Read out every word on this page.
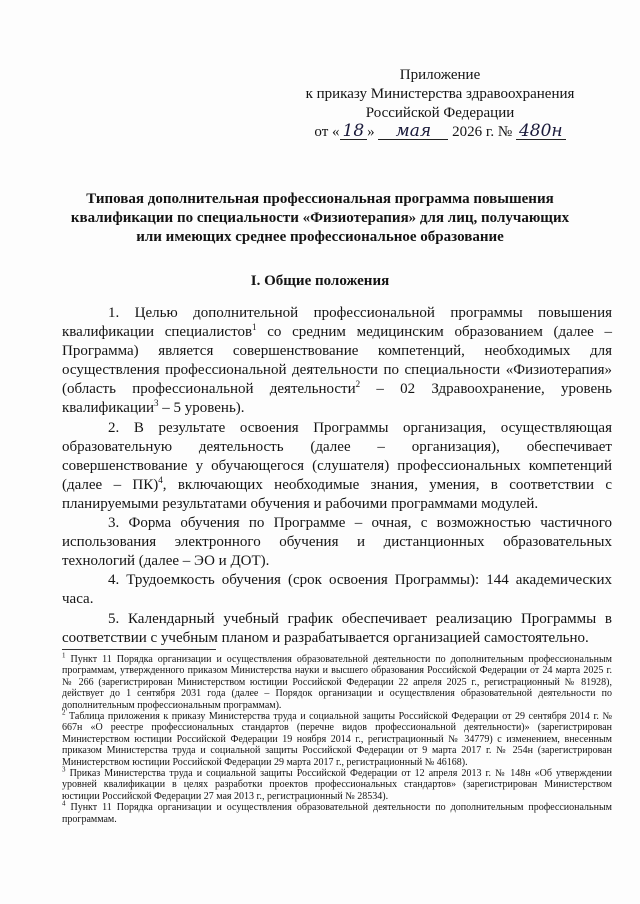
Приложение
к приказу Министерства здравоохранения
Российской Федерации
от « 18 » мая 2026 г. № 480н
Типовая дополнительная профессиональная программа повышения
квалификации по специальности «Физиотерапия» для лиц, получающих
или имеющих среднее профессиональное образование
I. Общие положения

1. Целью дополнительной профессиональной программы повышения квалификации специалистов$^1$ со средним медицинским образованием (далее – Программа) является совершенствование компетенций, необходимых для осуществления профессиональной деятельности по специальности «Физиотерапия» (область профессиональной деятельности$^2$ – 02 Здравоохранение, уровень квалификации$^3$ – 5 уровень).

2. В результате освоения Программы организация, осуществляющая образовательную деятельность (далее – организация), обеспечивает совершенствование у обучающегося (слушателя) профессиональных компетенций (далее – ПК)$^4$, включающих необходимые знания, умения, в соответствии с планируемыми результатами обучения и рабочими программами модулей.

3. Форма обучения по Программе – очная, с возможностью частичного использования электронного обучения и дистанционных образовательных технологий (далее – ЭО и ДОТ).

4. Трудоемкость обучения (срок освоения Программы): 144 академических часа.

5. Календарный учебный график обеспечивает реализацию Программы в соответствии с учебным планом и разрабатывается организацией самостоятельно.

$^1$ Пункт 11 Порядка организации и осуществления образовательной деятельности по дополнительным профессиональным программам, утвержденного приказом Министерства науки и высшего образования Российской Федерации от 24 марта 2025 г. № 266 (зарегистрирован Министерством юстиции Российской Федерации 22 апреля 2025 г., регистрационный № 81928), действует до 1 сентября 2031 года (далее – Порядок организации и осуществления образовательной деятельности по дополнительным профессиональным программам).

$^2$ Таблица приложения к приказу Министерства труда и социальной защиты Российской Федерации от 29 сентября 2014 г. № 667н «О реестре профессиональных стандартов (перечне видов профессиональной деятельности)» (зарегистрирован Министерством юстиции Российской Федерации 19 ноября 2014 г., регистрационный № 34779) с изменением, внесенным приказом Министерства труда и социальной защиты Российской Федерации от 9 марта 2017 г. № 254н (зарегистрирован Министерством юстиции Российской Федерации 29 марта 2017 г., регистрационный № 46168).

$^3$ Приказ Министерства труда и социальной защиты Российской Федерации от 12 апреля 2013 г. № 148н «Об утверждении уровней квалификации в целях разработки проектов профессиональных стандартов» (зарегистрирован Министерством юстиции Российской Федерации 27 мая 2013 г., регистрационный № 28534).

$^4$ Пункт 11 Порядка организации и осуществления образовательной деятельности по дополнительным профессиональным программам.
